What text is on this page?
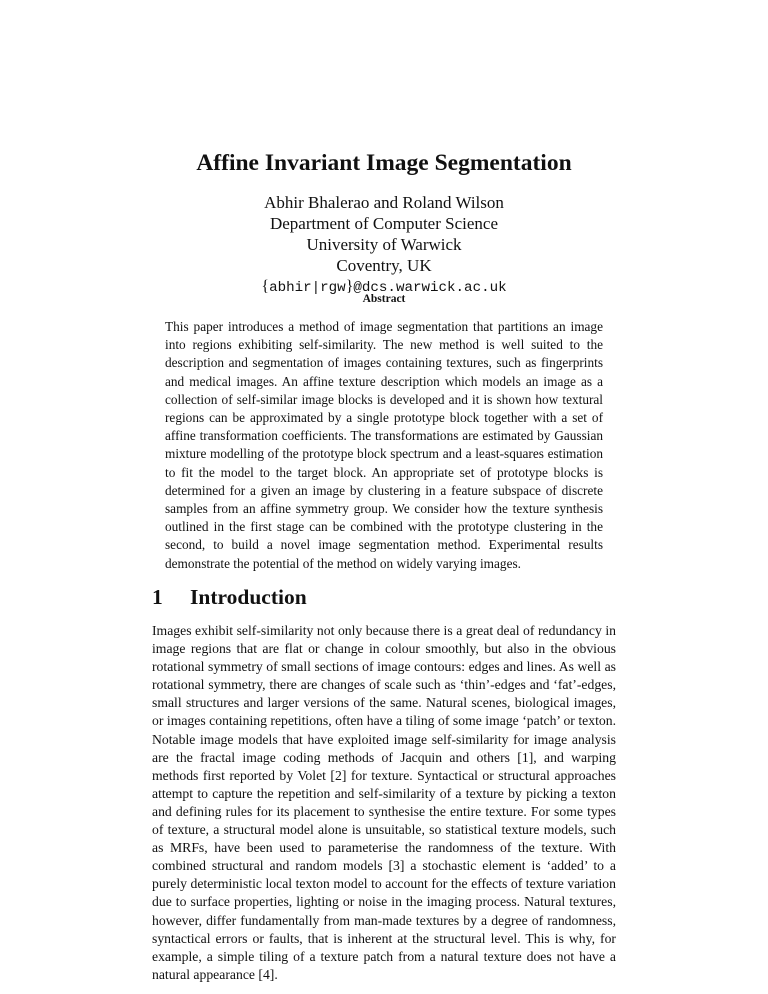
Affine Invariant Image Segmentation
Abhir Bhalerao and Roland Wilson
Department of Computer Science
University of Warwick
Coventry, UK
{abhir|rgw}@dcs.warwick.ac.uk
Abstract

This paper introduces a method of image segmentation that partitions an image into regions exhibiting self-similarity. The new method is well suited to the description and segmentation of images containing textures, such as fingerprints and medical images. An affine texture description which models an image as a collection of self-similar image blocks is developed and it is shown how textural regions can be approximated by a single prototype block together with a set of affine transformation coefficients. The transformations are estimated by Gaussian mixture modelling of the prototype block spectrum and a least-squares estimation to fit the model to the target block. An appropriate set of prototype blocks is determined for a given an image by clustering in a feature subspace of discrete samples from an affine symmetry group. We consider how the texture synthesis outlined in the first stage can be combined with the prototype clustering in the second, to build a novel image segmentation method. Experimental results demonstrate the potential of the method on widely varying images.

1 Introduction

Images exhibit self-similarity not only because there is a great deal of redundancy in image regions that are flat or change in colour smoothly, but also in the obvious rotational symmetry of small sections of image contours: edges and lines. As well as rotational symmetry, there are changes of scale such as ‘thin’-edges and ‘fat’-edges, small structures and larger versions of the same. Natural scenes, biological images, or images containing repetitions, often have a tiling of some image ‘patch’ or texton. Notable image models that have exploited image self-similarity for image analysis are the fractal image coding methods of Jacquin and others [1], and warping methods first reported by Volet [2] for texture. Syntactical or structural approaches attempt to capture the repetition and self-similarity of a texture by picking a texton and defining rules for its placement to synthesise the entire texture. For some types of texture, a structural model alone is unsuitable, so statistical texture models, such as MRFs, have been used to parameterise the randomness of the texture. With combined structural and random models [3] a stochastic element is ‘added’ to a purely deterministic local texton model to account for the effects of texture variation due to surface properties, lighting or noise in the imaging process. Natural textures, however, differ fundamentally from man-made textures by a degree of randomness, syntactical errors or faults, that is inherent at the structural level. This is why, for example, a simple tiling of a texture patch from a natural texture does not have a natural appearance [4].
